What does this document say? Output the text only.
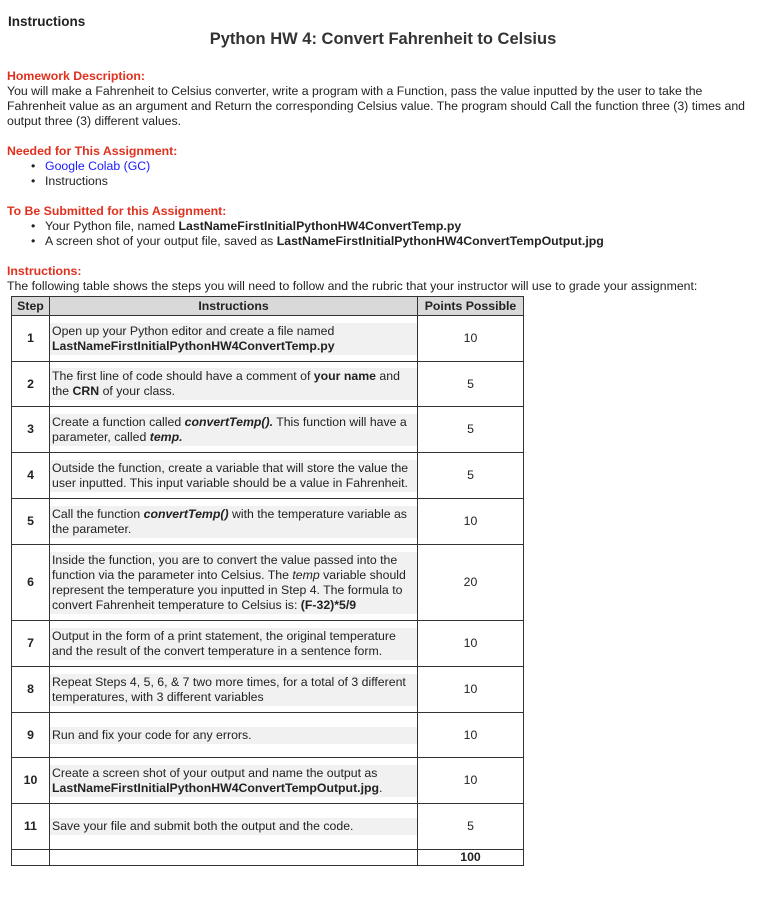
Instructions
Python HW 4: Convert Fahrenheit to Celsius
Homework Description:

You will make a Fahrenheit to Celsius converter, write a program with a Function, pass the value inputted by the user to take the Fahrenheit value as an argument and Return the corresponding Celsius value. The program should Call the function three (3) times and output three (3) different values.

Needed for This Assignment:
• Google Colab (GC)
• Instructions
To Be Submitted for this Assignment:
• Your Python file, named LastNameFirstInitialPythonHW4ConvertTemp.py
• A screen shot of your output file, saved as LastNameFirstInitialPythonHW4ConvertTempOutput.jpg
Instructions:

The following table shows the steps you will need to follow and the rubric that your instructor will use to grade your assignment:

Step	Instructions	Points Possible
1	Open up your Python editor and create a file named LastNameFirstInitialPythonHW4ConvertTemp.py	10
2	The first line of code should have a comment of your name and the CRN of your class.	5
3	Create a function called convertTemp(). This function will have a parameter, called temp.	5
4	Outside the function, create a variable that will store the value the user inputted. This input variable should be a value in Fahrenheit.	5
5	Call the function convertTemp() with the temperature variable as the parameter.	10
6	Inside the function, you are to convert the value passed into the function via the parameter into Celsius. The temp variable should represent the temperature you inputted in Step 4. The formula to convert Fahrenheit temperature to Celsius is: (F-32)*5/9	20
7	Output in the form of a print statement, the original temperature and the result of the convert temperature in a sentence form.	10
8	Repeat Steps 4, 5, 6, & 7 two more times, for a total of 3 different temperatures, with 3 different variables	10
9	Run and fix your code for any errors.	10
10	Create a screen shot of your output and name the output as LastNameFirstInitialPythonHW4ConvertTempOutput.jpg.	10
11	Save your file and submit both the output and the code.	5
		100
